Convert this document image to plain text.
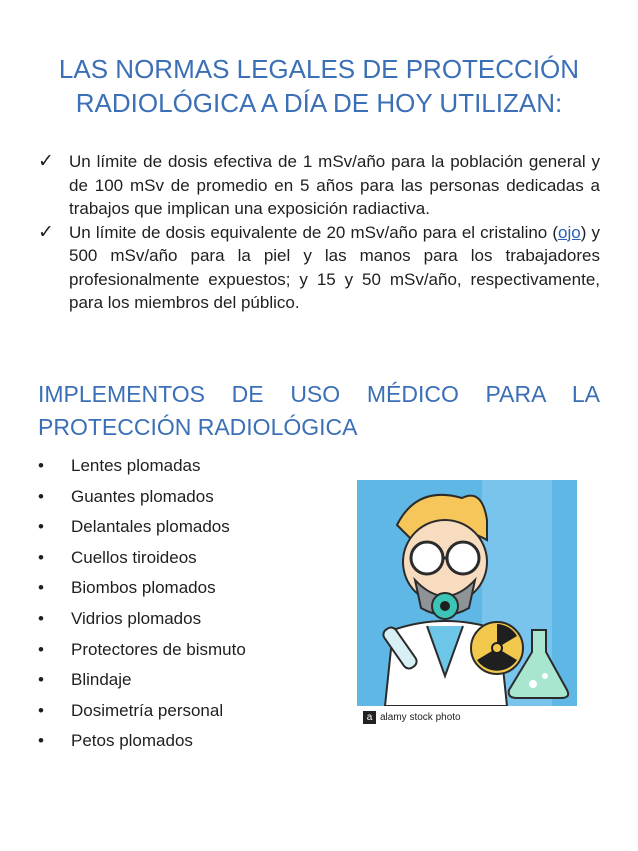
LAS NORMAS LEGALES DE PROTECCIÓN
RADIOLÓGICA A DÍA DE HOY UTILIZAN:
✓ Un límite de dosis efectiva de 1 mSv/año para la población general y de 100 mSv de promedio en 5 años para las personas dedicadas a trabajos que implican una exposición radiactiva.
✓ Un límite de dosis equivalente de 20 mSv/año para el cristalino (ojo) y 500 mSv/año para la piel y las manos para los trabajadores profesionalmente expuestos; y 15 y 50 mSv/año, respectivamente, para los miembros del público.
IMPLEMENTOS DE USO MÉDICO PARA LA PROTECCIÓN RADIOLÓGICA
• Lentes plomadas
• Guantes plomados
• Delantales plomados
• Cuellos tiroideos
• Biombos plomados
• Vidrios plomados
• Protectores de bismuto
• Blindaje
• Dosimetría personal
• Petos plomados
a alamy stock photo
